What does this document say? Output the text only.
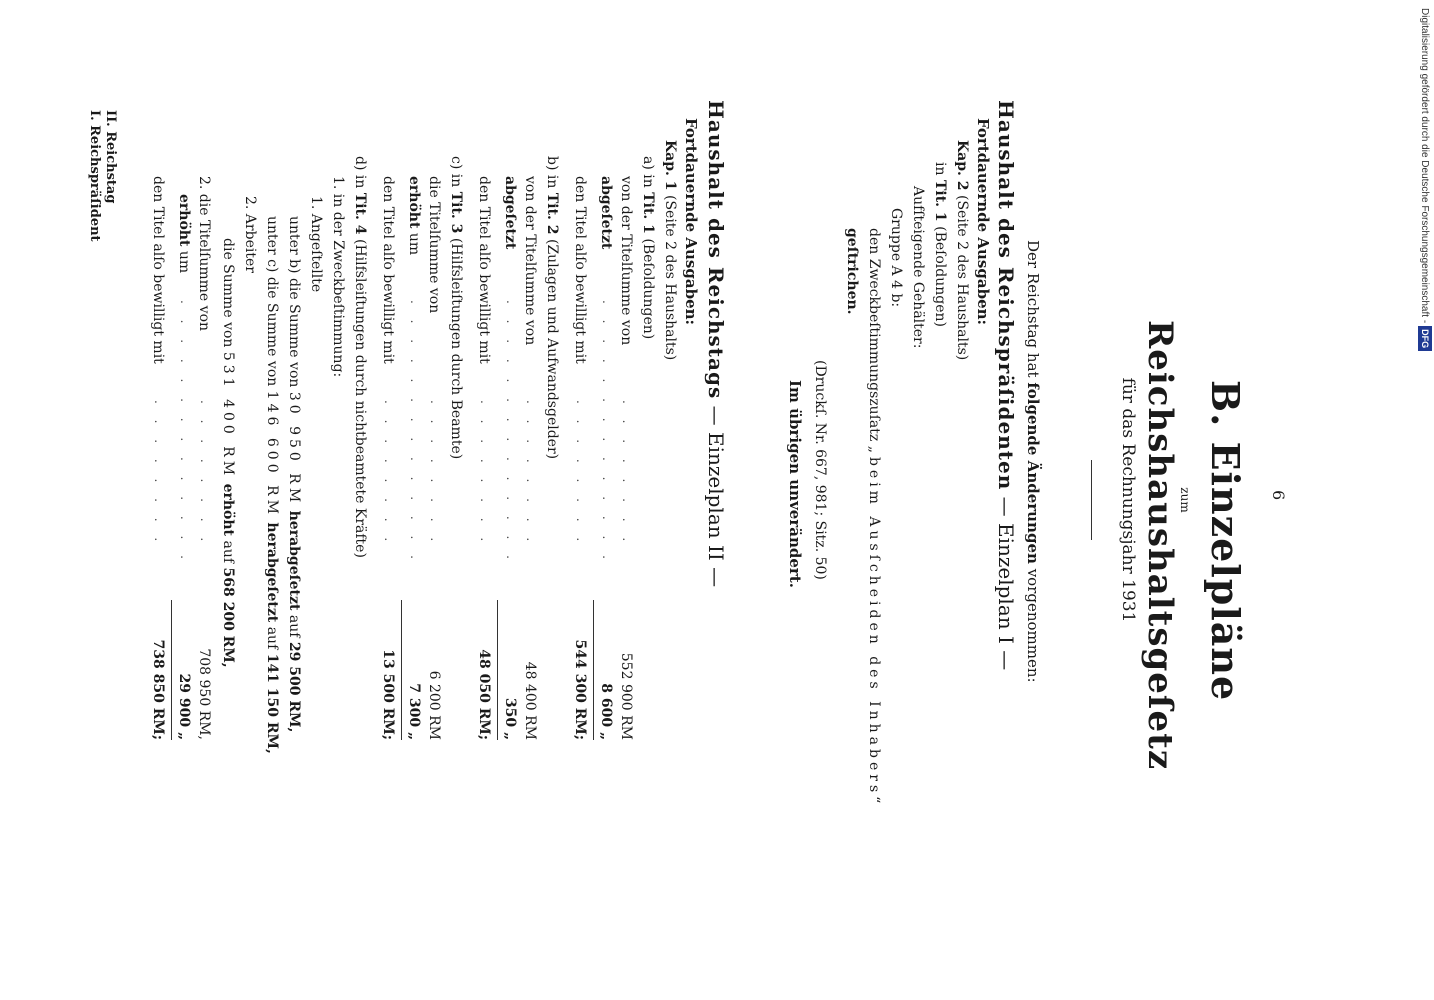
6
I. Reichspräſident II. Reichstag
B. Einzelpläne
zum
Reichshaushaltsgeſetz
für das Rechnungsjahr 1931
Der Reichstag hat folgende Änderungen vorgenommen:
Haushalt des Reichspräſidenten — Einzelplan I —
Fortdauernde Ausgaben:
Kap. 2 (Seite 2 des Haushalts)
in Tit. 1 (Beſoldungen)
Aufſteigende Gehälter:
Gruppe A 4 b:
den Zweckbeſtimmungszuſatz „beim Ausſcheiden des Inhabers“
geſtrichen.
(Druckſ. Nr. 667, 981; Sitz. 50)
Im übrigen unverändert.
Haushalt des Reichstags — Einzelplan II —
Fortdauernde Ausgaben:
Kap. 1 (Seite 2 des Haushalts)
a) in Tit. 1 (Beſoldungen)
von der Titelſumme von
. . . . . . . .
552 900 RM
abgeſetzt
. . . . . . . . . . . . . .
8 600 „
den Titel alſo bewilligt mit
. . . . . . . .
544 300 RM;
b) in Tit. 2 (Zulagen und Aufwandsgelder)
von der Titelſumme von
. . . . . . . .
48 400 RM
abgeſetzt
. . . . . . . . . . . . . .
350 „
den Titel alſo bewilligt mit
. . . . . . . .
48 050 RM;
c) in Tit. 3 (Hilfsleiſtungen durch Beamte)
die Titelſumme von
. . . . . . . .
6 200 RM
erhöht um
. . . . . . . . . . . . . .
7 300 „
den Titel alſo bewilligt mit
. . . . . . . .
13 500 RM;
d) in Tit. 4 (Hilfsleiſtungen durch nichtbeamtete Kräfte)
1. in der Zweckbeſtimmung:
1. Angeſtellte
unter b) die Summe von 30 950 RM herabgeſetzt auf 29 500 RM,
unter c) die Summe von 146 600 RM herabgeſetzt auf 141 150 RM,
2. Arbeiter
die Summe von 531 400 RM erhöht auf 568 200 RM,
2. die Titelſumme von
. . . . . . . .
708 950 RM,
erhöht um
. . . . . . . . . . . . . .
29 900 „
den Titel alſo bewilligt mit
. . . . . . . .
738 850 RM;
Digitalisierung gefördert durch die Deutsche Forschungsgemeinschaft -DFG
